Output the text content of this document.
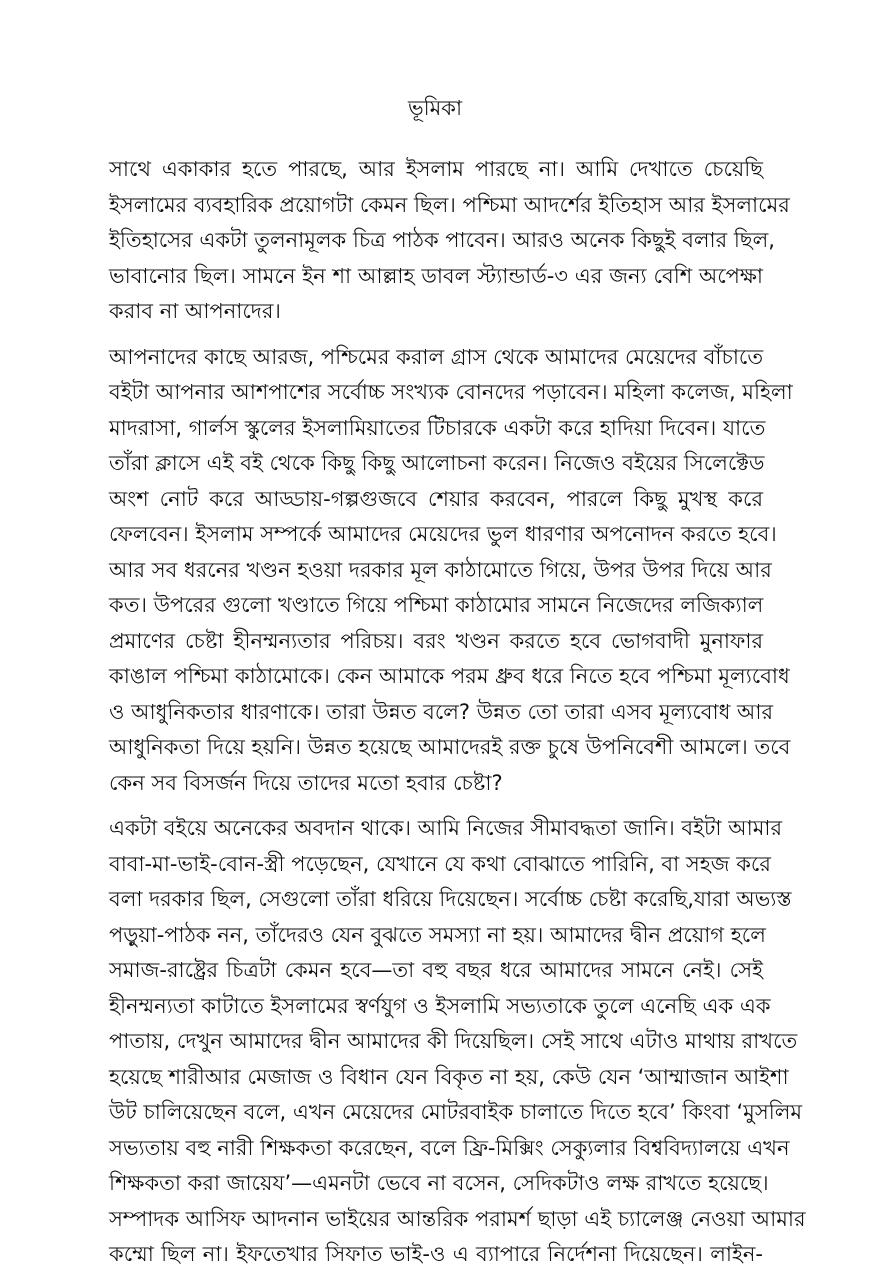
ভূমিকা
সাথে একাকার হতে পারছে, আর ইসলাম পারছে না। আমি দেখাতে চেয়েছি
ইসলামের ব্যবহারিক প্রয়োগটা কেমন ছিল। পশ্চিমা আদর্শের ইতিহাস আর ইসলামের
ইতিহাসের একটা তুলনামূলক চিত্র পাঠক পাবেন। আরও অনেক কিছুই বলার ছিল,
ভাবানোর ছিল। সামনে ইন শা আল্লাহ ডাবল স্ট্যান্ডার্ড-৩ এর জন্য বেশি অপেক্ষা
করাব না আপনাদের।
আপনাদের কাছে আরজ, পশ্চিমের করাল গ্রাস থেকে আমাদের মেয়েদের বাঁচাতে
বইটা আপনার আশপাশের সর্বোচ্চ সংখ্যক বোনদের পড়াবেন। মহিলা কলেজ, মহিলা
মাদরাসা, গার্লস স্কুলের ইসলামিয়াতের টিচারকে একটা করে হাদিয়া দিবেন। যাতে
তাঁরা ক্লাসে এই বই থেকে কিছু কিছু আলোচনা করেন। নিজেও বইয়ের সিলেক্টেড
অংশ নোট করে আড্ডায়-গল্পগুজবে শেয়ার করবেন, পারলে কিছু মুখস্থ করে
ফেলবেন। ইসলাম সম্পর্কে আমাদের মেয়েদের ভুল ধারণার অপনোদন করতে হবে।
আর সব ধরনের খণ্ডন হওয়া দরকার মূল কাঠামোতে গিয়ে, উপর উপর দিয়ে আর
কত। উপরের গুলো খণ্ডাতে গিয়ে পশ্চিমা কাঠামোর সামনে নিজেদের লজিক্যাল
প্রমাণের চেষ্টা হীনম্মন্যতার পরিচয়। বরং খণ্ডন করতে হবে ভোগবাদী মুনাফার
কাঙাল পশ্চিমা কাঠামোকে। কেন আমাকে পরম ধ্রুব ধরে নিতে হবে পশ্চিমা মূল্যবোধ
ও আধুনিকতার ধারণাকে। তারা উন্নত বলে? উন্নত তো তারা এসব মূল্যবোধ আর
আধুনিকতা দিয়ে হয়নি। উন্নত হয়েছে আমাদেরই রক্ত চুষে উপনিবেশী আমলে। তবে
কেন সব বিসর্জন দিয়ে তাদের মতো হবার চেষ্টা?
একটা বইয়ে অনেকের অবদান থাকে। আমি নিজের সীমাবদ্ধতা জানি। বইটা আমার
বাবা-মা-ভাই-বোন-স্ত্রী পড়েছেন, যেখানে যে কথা বোঝাতে পারিনি, বা সহজ করে
বলা দরকার ছিল, সেগুলো তাঁরা ধরিয়ে দিয়েছেন। সর্বোচ্চ চেষ্টা করেছি,যারা অভ্যস্ত
পড়ুয়া-পাঠক নন, তাঁদেরও যেন বুঝতে সমস্যা না হয়। আমাদের দ্বীন প্রয়োগ হলে
সমাজ-রাষ্ট্রের চিত্রটা কেমন হবে—তা বহু বছর ধরে আমাদের সামনে নেই। সেই
হীনম্মন্যতা কাটাতে ইসলামের স্বর্ণযুগ ও ইসলামি সভ্যতাকে তুলে এনেছি এক এক
পাতায়, দেখুন আমাদের দ্বীন আমাদের কী দিয়েছিল। সেই সাথে এটাও মাথায় রাখতে
হয়েছে শারীআর মেজাজ ও বিধান যেন বিকৃত না হয়, কেউ যেন ‘আম্মাজান আইশা
উট চালিয়েছেন বলে, এখন মেয়েদের মোটরবাইক চালাতে দিতে হবে’ কিংবা ‘মুসলিম
সভ্যতায় বহু নারী শিক্ষকতা করেছেন, বলে ফ্রি-মিক্সিং সেক্যুলার বিশ্ববিদ্যালয়ে এখন
শিক্ষকতা করা জায়েয’—এমনটা ভেবে না বসেন, সেদিকটাও লক্ষ রাখতে হয়েছে।
সম্পাদক আসিফ আদনান ভাইয়ের আন্তরিক পরামর্শ ছাড়া এই চ্যালেঞ্জ নেওয়া আমার
কম্মো ছিল না। ইফতেখার সিফাত ভাই-ও এ ব্যাপারে নির্দেশনা দিয়েছেন। লাইন-
